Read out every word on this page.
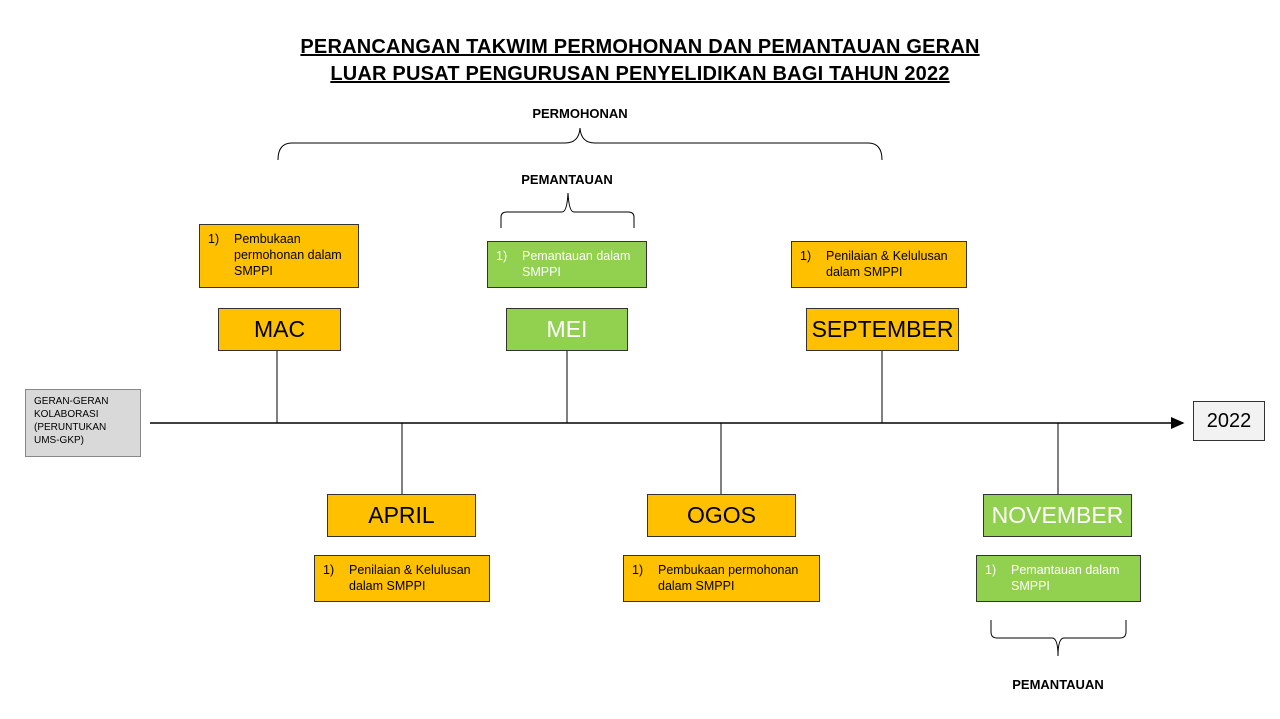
PERANCANGAN TAKWIM PERMOHONAN DAN PEMANTAUAN GERAN
LUAR PUSAT PENGURUSAN PENYELIDIKAN BAGI TAHUN 2022
PERMOHONAN
PEMANTAUAN
PEMANTAUAN
1)	Pembukaan permohonan dalam SMPPI
1)	Pemantauan dalam SMPPI
1)	Penilaian & Kelulusan dalam SMPPI
MAC	MEI	SEPTEMBER
GERAN-GERAN KOLABORASI (PERUNTUKAN UMS-GKP)
2022
APRIL	OGOS	NOVEMBER
1)	Penilaian & Kelulusan dalam SMPPI
1)	Pembukaan permohonan dalam SMPPI
1)	Pemantauan dalam SMPPI
